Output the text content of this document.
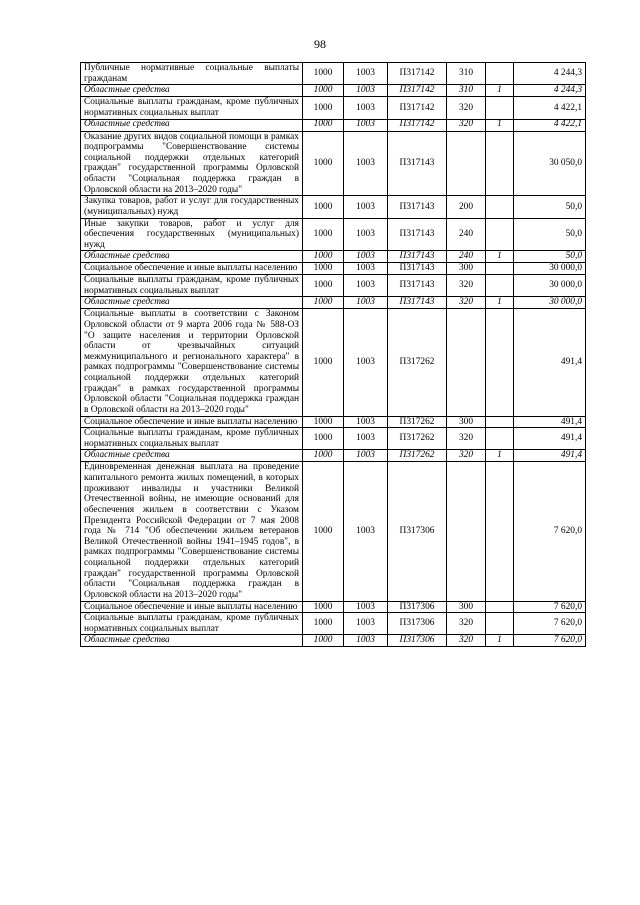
98
Публичные нормативные социальные выплаты гражданам	1000	1003	П317142	310		4 244,3
Областные средства	1000	1003	П317142	310	1	4 244,3
Социальные выплаты гражданам, кроме публичных нормативных социальных выплат	1000	1003	П317142	320		4 422,1
Областные средства	1000	1003	П317142	320	1	4 422,1
Оказание других видов социальной помощи в рамках подпрограммы "Совершенствование системы социальной поддержки отдельных категорий граждан" государственной программы Орловской области "Социальная поддержка граждан в Орловской области на 2013–2020 годы"	1000	1003	П317143			30 050,0
Закупка товаров, работ и услуг для государственных (муниципальных) нужд	1000	1003	П317143	200		50,0
Иные закупки товаров, работ и услуг для обеспечения государственных (муниципальных) нужд	1000	1003	П317143	240		50,0
Областные средства	1000	1003	П317143	240	1	50,0
Социальное обеспечение и иные выплаты населению	1000	1003	П317143	300		30 000,0
Социальные выплаты гражданам, кроме публичных нормативных социальных выплат	1000	1003	П317143	320		30 000,0
Областные средства	1000	1003	П317143	320	1	30 000,0
Социальные выплаты в соответствии с Законом Орловской области от 9 марта 2006 года № 588-ОЗ "О защите населения и территории Орловской области от чрезвычайных ситуаций межмуниципального и регионального характера" в рамках подпрограммы "Совершенствование системы социальной поддержки отдельных категорий граждан" в рамках государственной программы Орловской области "Социальная поддержка граждан в Орловской области на 2013–2020 годы"	1000	1003	П317262			491,4
Социальное обеспечение и иные выплаты населению	1000	1003	П317262	300		491,4
Социальные выплаты гражданам, кроме публичных нормативных социальных выплат	1000	1003	П317262	320		491,4
Областные средства	1000	1003	П317262	320	1	491,4
Единовременная денежная выплата на проведение капитального ремонта жилых помещений, в которых проживают инвалиды и участники Великой Отечественной войны, не имеющие оснований для обеспечения жильем в соответствии с Указом Президента Российской Федерации от 7 мая 2008 года № 714 "Об обеспечении жильем ветеранов Великой Отечественной войны 1941–1945 годов", в рамках подпрограммы "Совершенствование системы социальной поддержки отдельных категорий граждан" государственной программы Орловской области "Социальная поддержка граждан в Орловской области на 2013–2020 годы"	1000	1003	П317306			7 620,0
Социальное обеспечение и иные выплаты населению	1000	1003	П317306	300		7 620,0
Социальные выплаты гражданам, кроме публичных нормативных социальных выплат	1000	1003	П317306	320		7 620,0
Областные средства	1000	1003	П317306	320	1	7 620,0
